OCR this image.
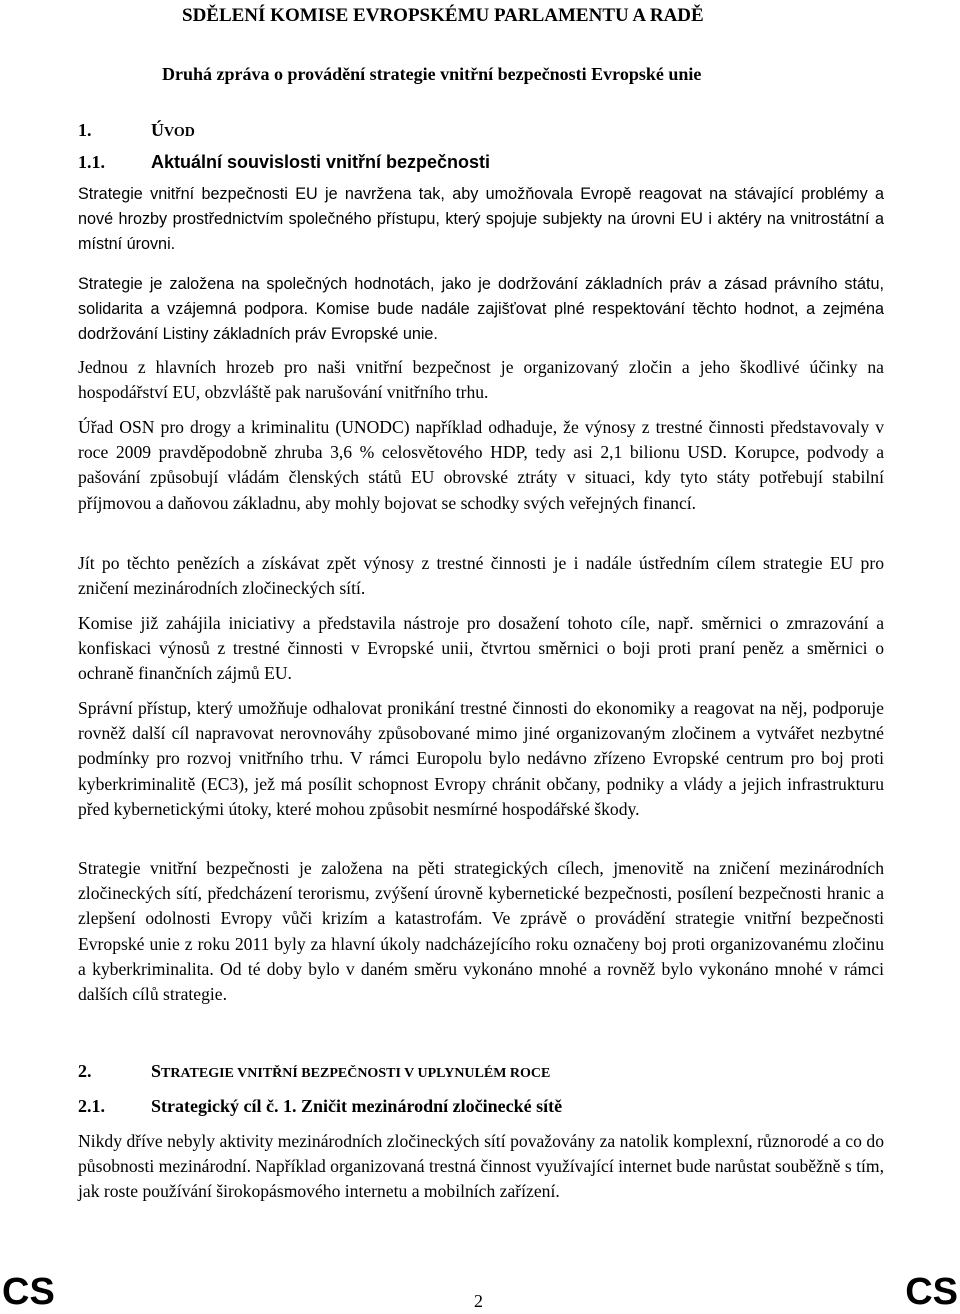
SDĚLENÍ KOMISE EVROPSKÉMU PARLAMENTU A RADĚ
Druhá zpráva o provádění strategie vnitřní bezpečnosti Evropské unie
1.	ÚVOD
1.1.	Aktuální souvislosti vnitřní bezpečnosti

Strategie vnitřní bezpečnosti EU je navržena tak, aby umožňovala Evropě reagovat na stávající problémy a nové hrozby prostřednictvím společného přístupu, který spojuje subjekty na úrovni EU i aktéry na vnitrostátní a místní úrovni.

Strategie je založena na společných hodnotách, jako je dodržování základních práv a zásad právního státu, solidarita a vzájemná podpora. Komise bude nadále zajišťovat plné respektování těchto hodnot, a zejména dodržování Listiny základních práv Evropské unie.

Jednou z hlavních hrozeb pro naši vnitřní bezpečnost je organizovaný zločin a jeho škodlivé účinky na hospodářství EU, obzvláště pak narušování vnitřního trhu.

Úřad OSN pro drogy a kriminalitu (UNODC) například odhaduje, že výnosy z trestné činnosti představovaly v roce 2009 pravděpodobně zhruba 3,6 % celosvětového HDP, tedy asi 2,1 bilionu USD. Korupce, podvody a pašování způsobují vládám členských států EU obrovské ztráty v situaci, kdy tyto státy potřebují stabilní příjmovou a daňovou základnu, aby mohly bojovat se schodky svých veřejných financí.

Jít po těchto penězích a získávat zpět výnosy z trestné činnosti je i nadále ústředním cílem strategie EU pro zničení mezinárodních zločineckých sítí.

Komise již zahájila iniciativy a představila nástroje pro dosažení tohoto cíle, např. směrnici o zmrazování a konfiskaci výnosů z trestné činnosti v Evropské unii, čtvrtou směrnici o boji proti praní peněz a směrnici o ochraně finančních zájmů EU.

Správní přístup, který umožňuje odhalovat pronikání trestné činnosti do ekonomiky a reagovat na něj, podporuje rovněž další cíl napravovat nerovnováhy způsobované mimo jiné organizovaným zločinem a vytvářet nezbytné podmínky pro rozvoj vnitřního trhu. V rámci Europolu bylo nedávno zřízeno Evropské centrum pro boj proti kyberkriminalitě (EC3), jež má posílit schopnost Evropy chránit občany, podniky a vlády a jejich infrastrukturu před kybernetickými útoky, které mohou způsobit nesmírné hospodářské škody.

Strategie vnitřní bezpečnosti je založena na pěti strategických cílech, jmenovitě na zničení mezinárodních zločineckých sítí, předcházení terorismu, zvýšení úrovně kybernetické bezpečnosti, posílení bezpečnosti hranic a zlepšení odolnosti Evropy vůči krizím a katastrofám. Ve zprávě o provádění strategie vnitřní bezpečnosti Evropské unie z roku 2011 byly za hlavní úkoly nadcházejícího roku označeny boj proti organizovanému zločinu a kyberkriminalita. Od té doby bylo v daném směru vykonáno mnohé a rovněž bylo vykonáno mnohé v rámci dalších cílů strategie.

2.	STRATEGIE VNITŘNÍ BEZPEČNOSTI V UPLYNULÉM ROCE
2.1.	Strategický cíl č. 1. Zničit mezinárodní zločinecké sítě

Nikdy dříve nebyly aktivity mezinárodních zločineckých sítí považovány za natolik komplexní, různorodé a co do působnosti mezinárodní. Například organizovaná trestná činnost využívající internet bude narůstat souběžně s tím, jak roste používání širokopásmového internetu a mobilních zařízení.

CS	2	CS
